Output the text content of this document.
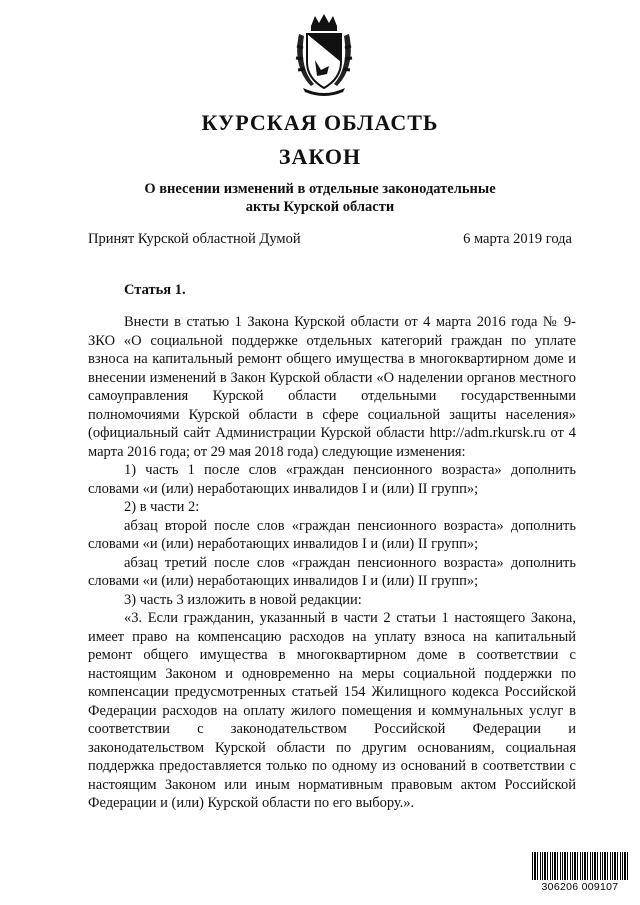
КУРСКАЯ ОБЛАСТЬ
ЗАКОН
О внесении изменений в отдельные законодательные
акты Курской области
Принят Курской областной Думой	6 марта 2019 года
Статья 1.

Внести в статью 1 Закона Курской области от 4 марта 2016 года № 9-ЗКО «О социальной поддержке отдельных категорий граждан по уплате взноса на капитальный ремонт общего имущества в многоквартирном доме и внесении изменений в Закон Курской области «О наделении органов местного самоуправления Курской области отдельными государственными полномочиями Курской области в сфере социальной защиты населения» (официальный сайт Администрации Курской области http://adm.rkursk.ru от 4 марта 2016 года; от 29 мая 2018 года) следующие изменения:

1) часть 1 после слов «граждан пенсионного возраста» дополнить словами «и (или) неработающих инвалидов I и (или) II групп»;

2) в части 2:

абзац второй после слов «граждан пенсионного возраста» дополнить словами «и (или) неработающих инвалидов I и (или) II групп»;

абзац третий после слов «граждан пенсионного возраста» дополнить словами «и (или) неработающих инвалидов I и (или) II групп»;

3) часть 3 изложить в новой редакции:

«3. Если гражданин, указанный в части 2 статьи 1 настоящего Закона, имеет право на компенсацию расходов на уплату взноса на капитальный ремонт общего имущества в многоквартирном доме в соответствии с настоящим Законом и одновременно на меры социальной поддержки по компенсации предусмотренных статьей 154 Жилищного кодекса Российской Федерации расходов на оплату жилого помещения и коммунальных услуг в соответствии с законодательством Российской Федерации и законодательством Курской области по другим основаниям, социальная поддержка предоставляется только по одному из оснований в соответствии с настоящим Законом или иным нормативным правовым актом Российской Федерации и (или) Курской области по его выбору.».

306206 009107
